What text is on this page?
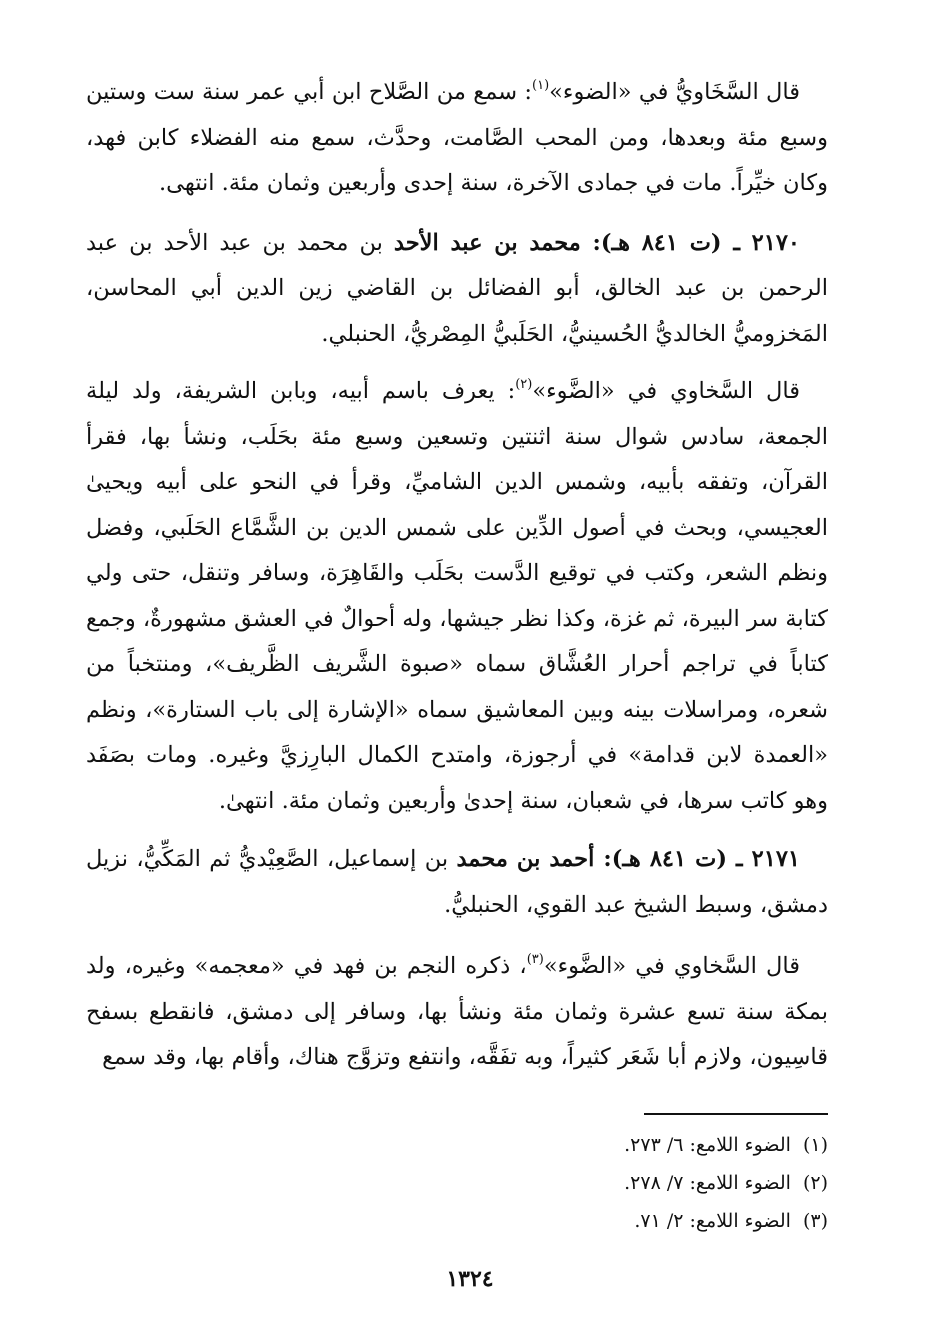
قال السَّخَاويُّ في «الضوء»$^{(١)}$: سمع من الصَّلاح ابن أبي عمر سنة ست وستين وسبع مئة وبعدها، ومن المحب الصَّامت، وحدَّث، سمع منه الفضلاء كابن فهد، وكان خيِّراً. مات في جمادى الآخرة، سنة إحدى وأربعين وثمان مئة. انتهى.

٢١٧٠ ـ (ت ٨٤١ هـ): محمد بن عبد الأحد بن محمد بن عبد الأحد بن عبد الرحمن بن عبد الخالق، أبو الفضائل بن القاضي زين الدين أبي المحاسن، المَخزوميُّ الخالديُّ الحُسينيُّ، الحَلَبيُّ المِصْريُّ، الحنبلي.

قال السَّخاوي في «الضَّوء»$^{(٢)}$: يعرف باسم أبيه، وبابن الشريفة، ولد ليلة الجمعة، سادس شوال سنة اثنتين وتسعين وسبع مئة بحَلَب، ونشأ بها، فقرأ القرآن، وتفقه بأبيه، وشمس الدين الشاميِّ، وقرأ في النحو على أبيه ويحيىٰ العجيسي، وبحث في أصول الدِّين على شمس الدين بن الشَّمَّاع الحَلَبي، وفضل ونظم الشعر، وكتب في توقيع الدَّست بحَلَب والقَاهِرَة، وسافر وتنقل، حتى ولي كتابة سر البيرة، ثم غزة، وكذا نظر جيشها، وله أحوالٌ في العشق مشهورةٌ، وجمع كتاباً في تراجم أحرار العُشَّاق سماه «صبوة الشَّريف الظَّريف»، ومنتخباً من شعره، ومراسلات بينه وبين المعاشيق سماه «الإشارة إلى باب الستارة»، ونظم «العمدة لابن قدامة» في أرجوزة، وامتدح الكمال البارِزيَّ وغيره. ومات بصَفَد وهو كاتب سرها، في شعبان، سنة إحدىٰ وأربعين وثمان مئة. انتهىٰ.

٢١٧١ ـ (ت ٨٤١ هـ): أحمد بن محمد بن إسماعيل، الصَّعِيْديُّ ثم المَكِّيُّ، نزيل دمشق، وسبط الشيخ عبد القوي، الحنبليُّ.

قال السَّخاوي في «الضَّوء»$^{(٣)}$، ذكره النجم بن فهد في «معجمه» وغيره، ولد بمكة سنة تسع عشرة وثمان مئة ونشأ بها، وسافر إلى دمشق، فانقطع بسفح قاسِيون، ولازم أبا شَعَر كثيراً، وبه تفَقَّه، وانتفع وتزوَّج هناك، وأقام بها، وقد سمع

(١)الضوء اللامع: ٦/ ٢٧٣.

(٢)الضوء اللامع: ٧/ ٢٧٨.

(٣)الضوء اللامع: ٢/ ٧١.

١٣٢٤
